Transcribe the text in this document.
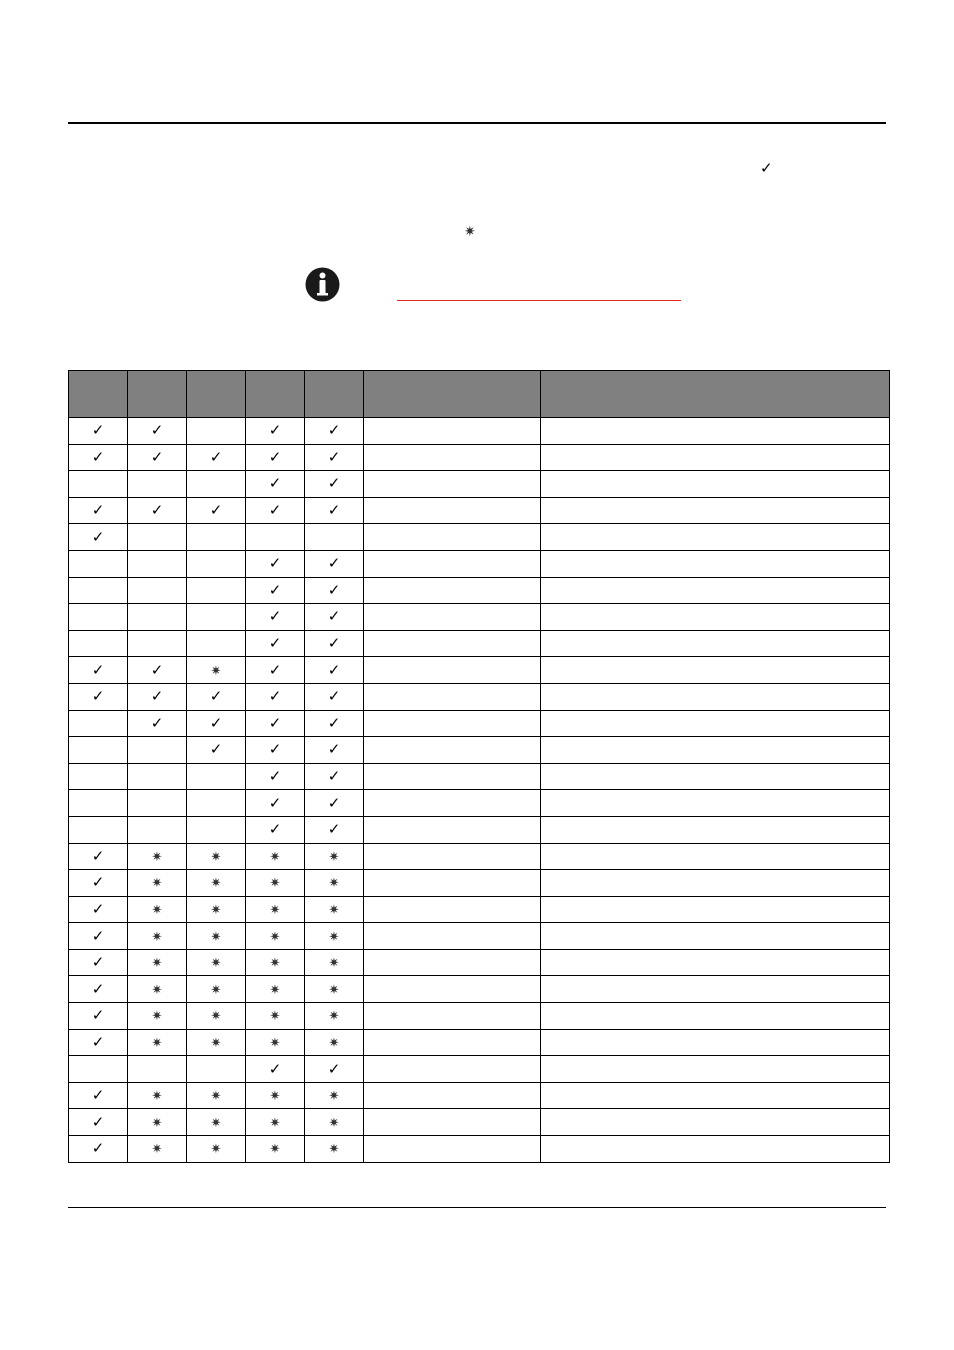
✓
✷

✓	✓		✓	✓		
✓	✓	✓	✓	✓		
			✓	✓		
✓	✓	✓	✓	✓		
✓						
			✓	✓		
			✓	✓		
			✓	✓		
			✓	✓		
✓	✓	✷	✓	✓		
✓	✓	✓	✓	✓		
	✓	✓	✓	✓		
		✓	✓	✓		
			✓	✓		
			✓	✓		
			✓	✓		
✓	✷	✷	✷	✷		
✓	✷	✷	✷	✷		
✓	✷	✷	✷	✷		
✓	✷	✷	✷	✷		
✓	✷	✷	✷	✷		
✓	✷	✷	✷	✷		
✓	✷	✷	✷	✷		
✓	✷	✷	✷	✷		
			✓	✓		
✓	✷	✷	✷	✷		
✓	✷	✷	✷	✷		
✓	✷	✷	✷	✷		
